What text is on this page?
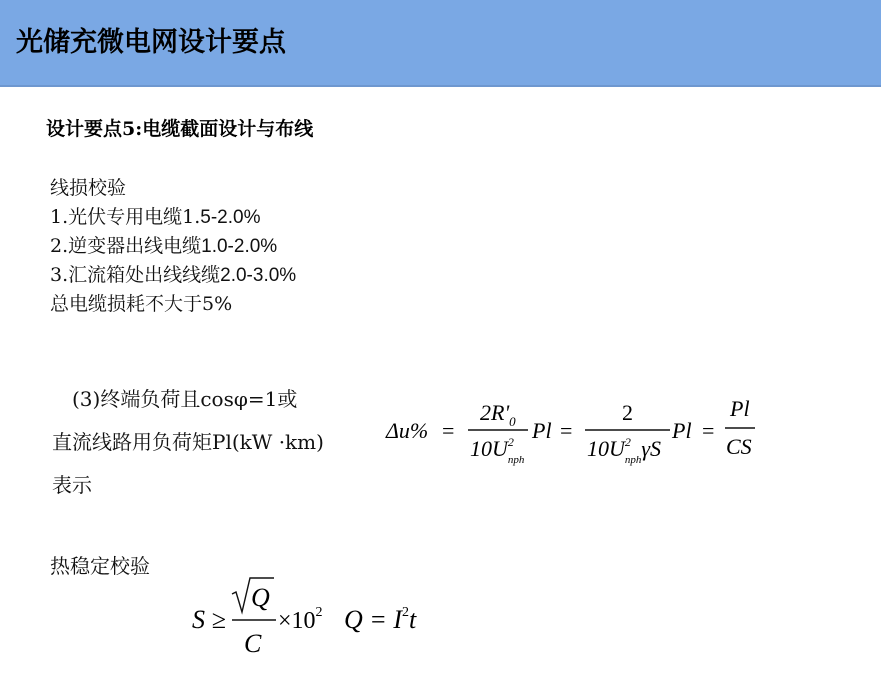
光储充微电网设计要点
设计要点5:电缆截面设计与布线
线损校验
1.光伏专用电缆1.5-2.0%
2.逆变器出线电缆1.0-2.0%
3.汇流箱处出线线缆2.0-3.0%
总电缆损耗不大于5%
(3)终端负荷且cosφ=1或
直流线路用负荷矩Pl(kW ·km)
表示
Δu% =
$2R'_0$
$10U^2$ nph
Pl =
2
$10U^2$ nphγS
Pl =
Pl
CS
热稳定校验
S ≥
Q
C
$\times 10^2$ $Q = I^2t$
